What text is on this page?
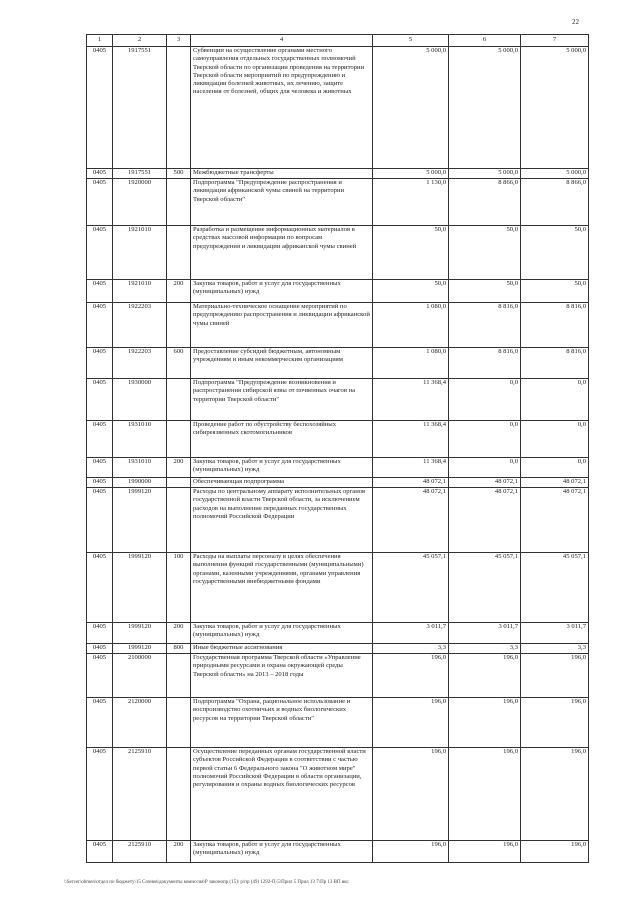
22
1	2	3	4	5	6	7
0405	1917551		Субвенции на осуществление органами местного самоуправления отдельных государственных полномочий Тверской области по организации проведения на территории Тверской области мероприятий по предупреждению и ликвидации болезней животных, их лечению, защите населения от болезней, общих для человека и животных	5 000,0	5 000,0	5 000,0
0405	1917551	500	Межбюджетные трансферты	5 000,0	5 000,0	5 000,0
0405	1920000		Подпрограмма "Предупреждение распространения и ликвидация африканской чумы свиней на территории Тверской области"	1 130,0	8 866,0	8 866,0
0405	1921010		Разработка и размещение информационных материалов в средствах массовой информации по вопросам предупреждения и ликвидации африканской чумы свиней	50,0	50,0	50,0
0405	1921010	200	Закупка товаров, работ и услуг для государственных (муниципальных) нужд	50,0	50,0	50,0
0405	1922203		Материально-техническое оснащение мероприятий по предупреждению распространения и ликвидации африканской чумы свиней	1 080,0	8 816,0	8 816,0
0405	1922203	600	Предоставление субсидий бюджетным, автономным учреждениям и иным некоммерческим организациям	1 080,0	8 816,0	8 816,0
0405	1930000		Подпрограмма "Предупреждение возникновения и распространения сибирской язвы от почвенных очагов на территории Тверской области"	11 368,4	0,0	0,0
0405	1931010		Проведение работ по обустройству беспохозяйных сибиреязвенных скотомогильников	11 368,4	0,0	0,0
0405	1931010	200	Закупка товаров, работ и услуг для государственных (муниципальных) нужд	11 368,4	0,0	0,0
0405	1990000		Обеспечивающая подпрограмма	48 072,1	48 072,1	48 072,1
0405	1999120		Расходы по центральному аппарату исполнительных органов государственной власти Тверской области, за исключением расходов на выполнение переданных государственных полномочий Российской Федерации	48 072,1	48 072,1	48 072,1
0405	1999120	100	Расходы на выплаты персоналу в целях обеспечения выполнения функций государственными (муниципальными) органами, казенными учреждениями, органами управления государственными внебюджетными фондами	45 057,1	45 057,1	45 057,1
0405	1999120	200	Закупка товаров, работ и услуг для государственных (муниципальных) нужд	3 011,7	3 011,7	3 011,7
0405	1999120	800	Иные бюджетные ассигнования	3,3	3,3	3,3
0405	2100000		Государственная программа Тверской области «Управление природными ресурсами и охрана окружающей среды Тверской области» на 2013 – 2018 годы	196,0	196,0	196,0
0405	2120000		Подпрограмма "Охрана, рациональное использование и воспроизводство охотничьих и водных биологических ресурсов на территории Тверской области"	196,0	196,0	196,0
0405	2125910		Осуществление переданных органам государственной власти субъектов Российской Федерации в соответствии с частью первой статьи 6 Федерального закона "О животном мире" полномочий Российской Федерации в области организации, регулирования и охраны водных биологических ресурсов	196,0	196,0	196,0
0405	2125910	200	Закупка товаров, работ и услуг для государственных (муниципальных) нужд	196,0	196,0	196,0
\\Server\obmen\отдел по бюджету\15 Сочнев\документы комиссия\Р законопр (15)\ р\пр (49) 1292-П-5\Прил 5 Прил 13 7\Пр 13 ВП вкс
